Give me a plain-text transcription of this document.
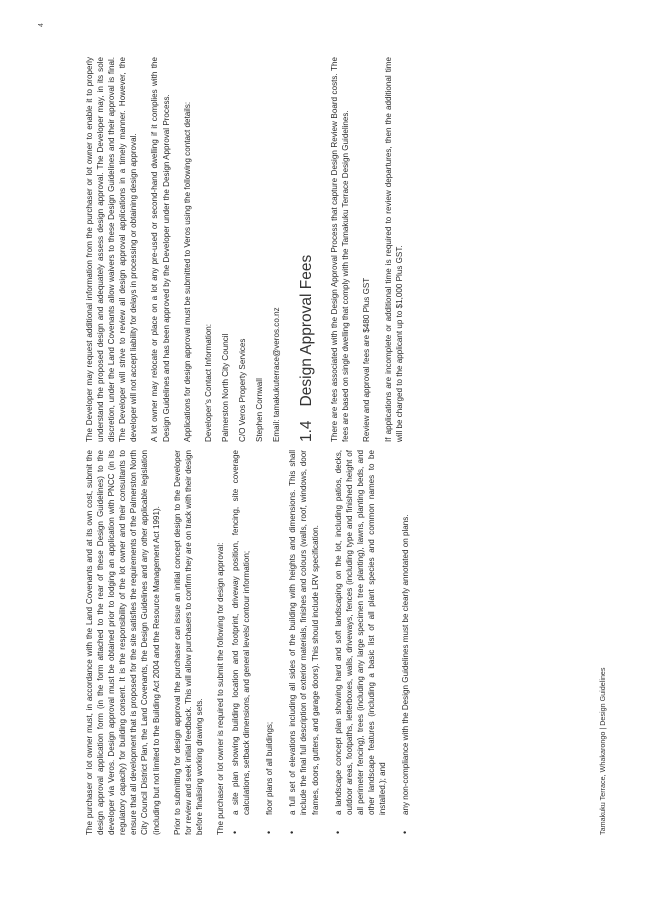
4

The purchaser or lot owner must, in accordance with the Land Covenants and at its own cost, submit the design approval application form (in the form attached to the rear of these Design Guidelines) to the developer via Veros. Design approval must be obtained prior to lodging an application with PNCC (in its regulatory capacity) for building consent. It is the responsibility of the lot owner and their consultants to ensure that all development that is proposed for the site satisfies the requirements of the Palmerston North City Council District Plan, the Land Covenants, the Design Guidelines and any other applicable legislation (including but not limited to the Building Act 2004 and the Resource Management Act 1991). Prior to submitting for design approval the purchaser can issue an initial concept design to the Developer for review and seek initial feedback. This will allow purchasers to confirm they are on track with their design before finalising working drawing sets. The purchaser or lot owner is required to submit the following for design approval: • a site plan showing building location and footprint, driveway position, fencing, site coverage calculations, setback dimensions, and general levels/ contour information; • floor plans of all buildings; • a full set of elevations including all sides of the building with heights and dimensions. This shall include the final full description of exterior materials, finishes and colours (walls, roof, windows, door frames, doors, gutters, and garage doors). This should include LRV specification. • a landscape concept plan showing hard and soft landscaping on the lot, including patios, decks, outdoor areas, footpaths, letterboxes, walls, driveways, fences (including type and finished height of all perimeter fencing), trees (including any large specimen tree planting), lawns, planting beds, and other landscape features (including a basic list of all plant species and common names to be installed.); and • any non-compliance with the Design Guidelines must be clearly annotated on plans.

The Developer may request additional information from the purchaser or lot owner to enable it to properly understand the proposed design and adequately assess design approval. The Developer may, in its sole discretion, under the Land Covenants allow waivers to these Design Guidelines and their approval is final. The Developer will strive to review all design approval applications in a timely manner. However, the developer will not accept liability for delays in processing or obtaining design approval. A lot owner may relocate or place on a lot any pre-used or second-hand dwelling if it complies with the Design Guidelines and has been approved by the Developer under the Design Approval Process. Applications for design approval must be submitted to Veros using the following contact details: Developer’s Contact Information: Palmerston North City Council C/O Veros Property Services Stephen Cornwall Email: tamakukuterrace@veros.co.nz 1.4
Design Approval Fees There are fees associated with the Design Approval Process that capture Design Review Board costs. The fees are based on single dwelling that comply with the Tamakuku Terrace Design Guidelines. Review and approval fees are $480 Plus GST If applications are incomplete or additional time is required to review departures, then the additional time will be charged to the applicant up to $1,000 Plus GST.

Tamakuku Terrace, Whakarongo | Design Guidelines
